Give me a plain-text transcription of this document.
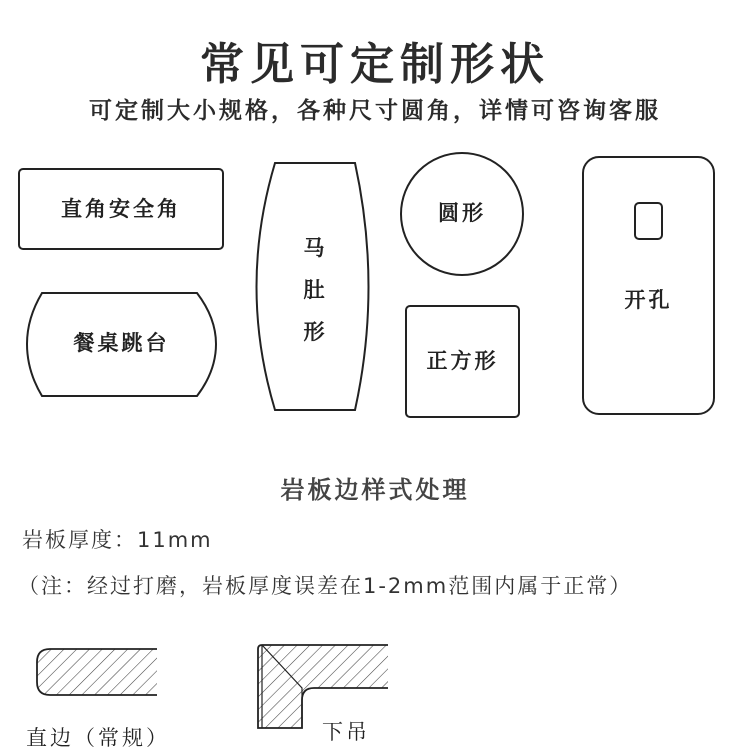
常见可定制形状
可定制大小规格，各种尺寸圆角，详情可咨询客服
直角安全角
餐桌跳台
马
肚
形
圆形
正方形
开孔
岩板边样式处理
岩板厚度：11mm
（注：经过打磨，岩板厚度误差在1-2mm范围内属于正常）
直边（常规）	下吊
